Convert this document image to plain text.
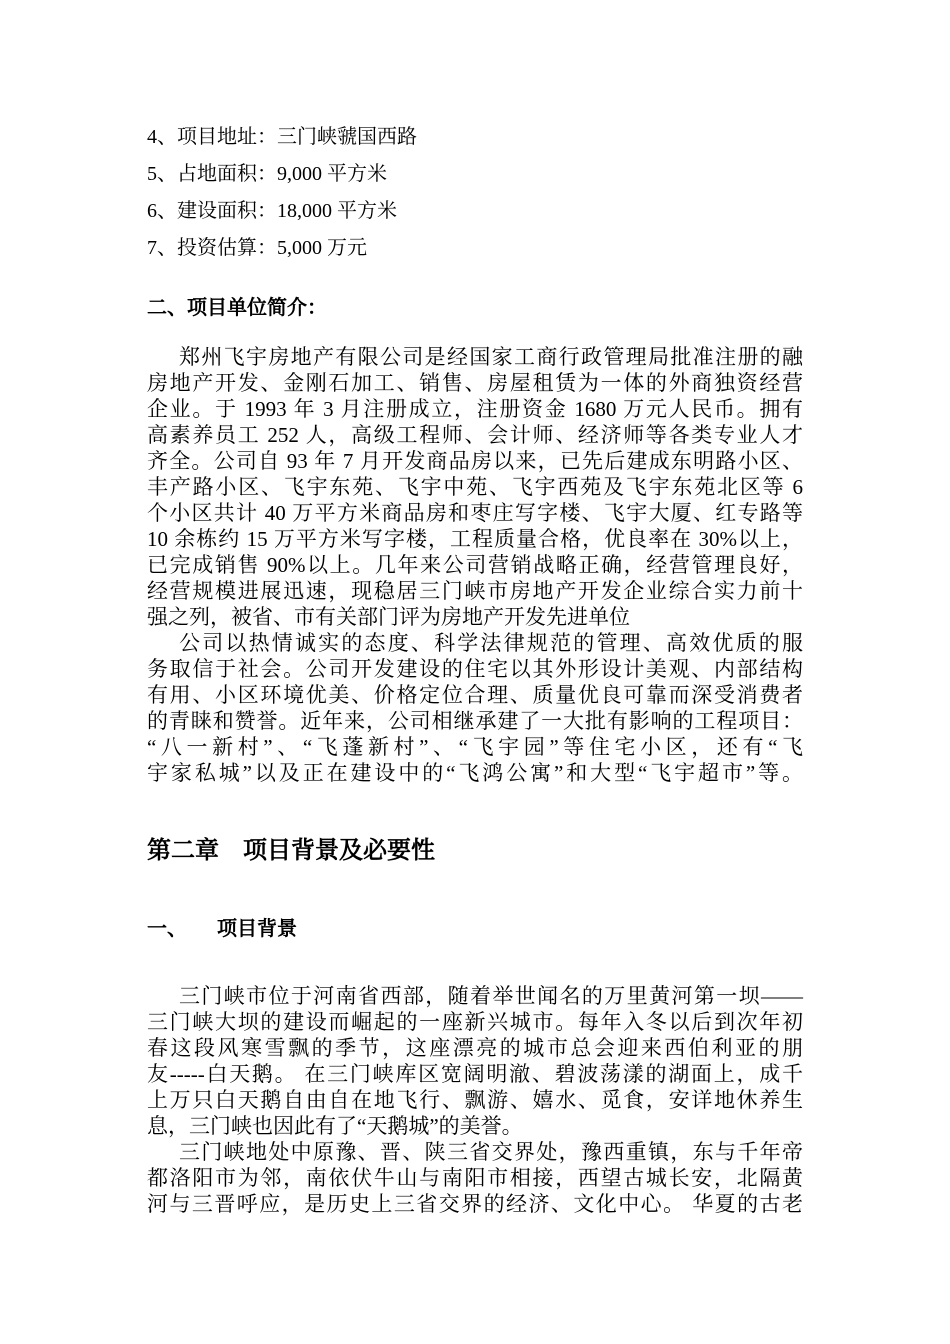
4、项目地址：三门峡虢国西路
5、占地面积：9,000 平方米
6、建设面积：18,000 平方米
7、投资估算：5,000 万元
二、项目单位简介：
郑州飞宇房地产有限公司是经国家工商行政管理局批准注册的融
房地产开发、金刚石加工、销售、房屋租赁为一体的外商独资经营
企业。于 1993 年 3 月注册成立，注册资金 1680 万元人民币。拥有
高素养员工 252 人，高级工程师、会计师、经济师等各类专业人才
齐全。公司自 93 年 7 月开发商品房以来，已先后建成东明路小区、
丰产路小区、飞宇东苑、飞宇中苑、飞宇西苑及飞宇东苑北区等 6
个小区共计 40 万平方米商品房和枣庄写字楼、飞宇大厦、红专路等
10 余栋约 15 万平方米写字楼，工程质量合格，优良率在 30%以上，
已完成销售 90%以上。几年来公司营销战略正确，经营管理良好，
经营规模进展迅速，现稳居三门峡市房地产开发企业综合实力前十
强之列，被省、市有关部门评为房地产开发先进单位
公司以热情诚实的态度、科学法律规范的管理、高效优质的服
务取信于社会。公司开发建设的住宅以其外形设计美观、内部结构
有用、小区环境优美、价格定位合理、质量优良可靠而深受消费者
的青睐和赞誉。近年来，公司相继承建了一大批有影响的工程项目：
“八一新村”、“飞蓬新村”、“飞宇园”等住宅小区，还有“飞
宇家私城”以及正在建设中的“飞鸿公寓”和大型“飞宇超市”等。
第二章　项目背景及必要性
一、　　项目背景
三门峡市位于河南省西部，随着举世闻名的万里黄河第一坝——
三门峡大坝的建设而崛起的一座新兴城市。每年入冬以后到次年初
春这段风寒雪飘的季节，这座漂亮的城市总会迎来西伯利亚的朋
友-----白天鹅。 在三门峡库区宽阔明澈、碧波荡漾的湖面上，成千
上万只白天鹅自由自在地飞行、飘游、嬉水、觅食，安详地休养生
息，三门峡也因此有了“天鹅城”的美誉。
三门峡地处中原豫、晋、陕三省交界处，豫西重镇，东与千年帝
都洛阳市为邻，南依伏牛山与南阳市相接，西望古城长安，北隔黄
河与三晋呼应，是历史上三省交界的经济、文化中心。 华夏的古老
